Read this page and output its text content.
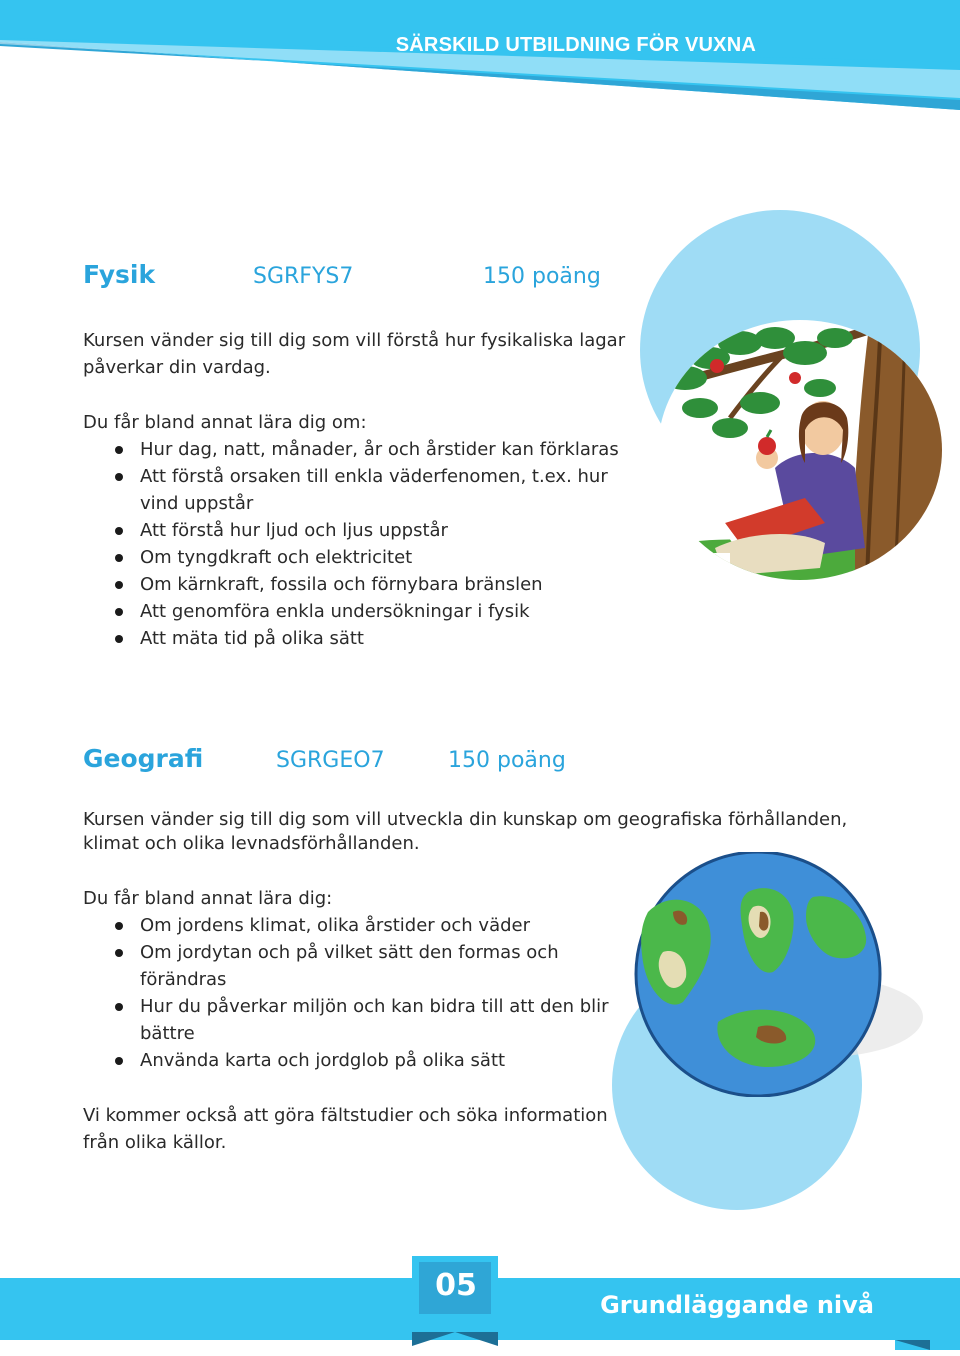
SÄRSKILD UTBILDNING FÖR VUXNA
Fysik	SGRFYS7	150 poäng

Kursen vänder sig till dig som vill förstå hur fysikaliska lagar påverkar din vardag.

Du får bland annat lära dig om:

Hur dag, natt, månader, år och årstider kan förklaras
Att förstå orsaken till enkla väderfenomen, t.ex. hur vind uppstår
Att förstå hur ljud och ljus uppstår
Om tyngdkraft och elektricitet
Om kärnkraft, fossila och förnybara bränslen
Att genomföra enkla undersökningar i fysik
Att mäta tid på olika sätt
Geografi	SGRGEO7	150 poäng

Kursen vänder sig till dig som vill utveckla din kunskap om geografiska förhållanden, klimat och olika levnadsförhållanden.

Du får bland annat lära dig:

Om jordens klimat, olika årstider och väder
Om jordytan och på vilket sätt den formas och förändras
Hur du påverkar miljön och kan bidra till att den blir bättre
Använda karta och jordglob på olika sätt

Vi kommer också att göra fältstudier och söka information från olika källor.

05
Grundläggande nivå
